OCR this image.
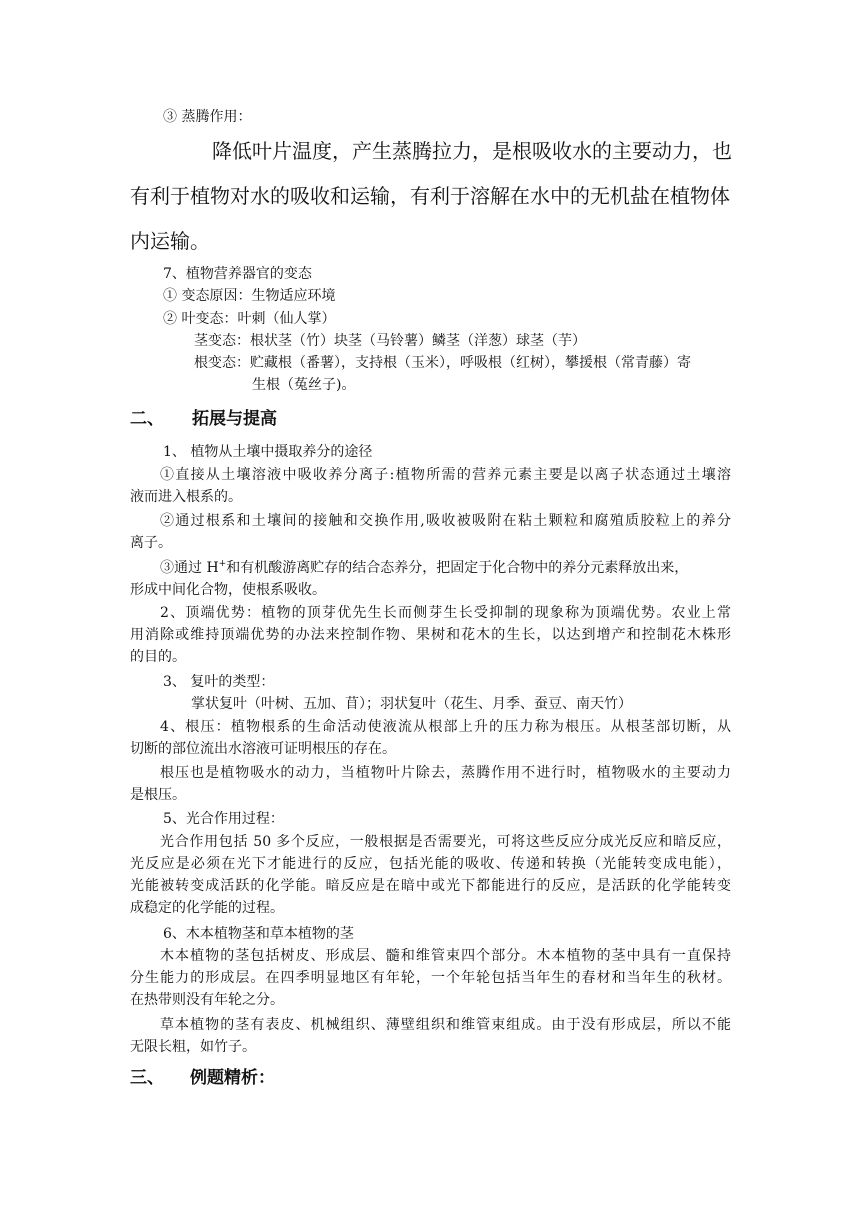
③ 蒸腾作用：
降低叶片温度，产生蒸腾拉力，是根吸收水的主要动力，也
有利于植物对水的吸收和运输，有利于溶解在水中的无机盐在植物体
内运输。
7、植物营养器官的变态
① 变态原因：生物适应环境
② 叶变态：叶刺（仙人掌）
茎变态：根状茎（竹）块茎（马铃薯）鳞茎（洋葱）球茎（芋）
根变态：贮藏根（番薯），支持根（玉米），呼吸根（红树），攀援根（常青藤）寄
生根（菟丝子)。
二、 拓展与提高
1、 植物从土壤中摄取养分的途径
①直接从土壤溶液中吸收养分离子:植物所需的营养元素主要是以离子状态通过土壤溶
液而进入根系的。
②通过根系和土壤间的接触和交换作用,吸收被吸附在粘土颗粒和腐殖质胶粒上的养分
离子。
③通过 H+和有机酸游离贮存的结合态养分，把固定于化合物中的养分元素释放出来，
形成中间化合物，使根系吸收。
2、顶端优势：植物的顶芽优先生长而侧芽生长受抑制的现象称为顶端优势。农业上常
用消除或维持顶端优势的办法来控制作物、果树和花木的生长，以达到增产和控制花木株形
的目的。
3、 复叶的类型：
掌状复叶（叶树、五加、苜）；羽状复叶（花生、月季、蚕豆、南天竹）
4、根压：植物根系的生命活动使液流从根部上升的压力称为根压。从根茎部切断，从
切断的部位流出水溶液可证明根压的存在。
根压也是植物吸水的动力，当植物叶片除去，蒸腾作用不进行时，植物吸水的主要动力
是根压。
5、光合作用过程：
光合作用包括 50 多个反应，一般根据是否需要光，可将这些反应分成光反应和暗反应，
光反应是必须在光下才能进行的反应，包括光能的吸收、传递和转换（光能转变成电能），
光能被转变成活跃的化学能。暗反应是在暗中或光下都能进行的反应，是活跃的化学能转变
成稳定的化学能的过程。
6、木本植物茎和草本植物的茎
木本植物的茎包括树皮、形成层、髓和维管束四个部分。木本植物的茎中具有一直保持
分生能力的形成层。在四季明显地区有年轮，一个年轮包括当年生的春材和当年生的秋材。
在热带则没有年轮之分。
草本植物的茎有表皮、机械组织、薄壁组织和维管束组成。由于没有形成层，所以不能
无限长粗，如竹子。
三、 例题精析：
